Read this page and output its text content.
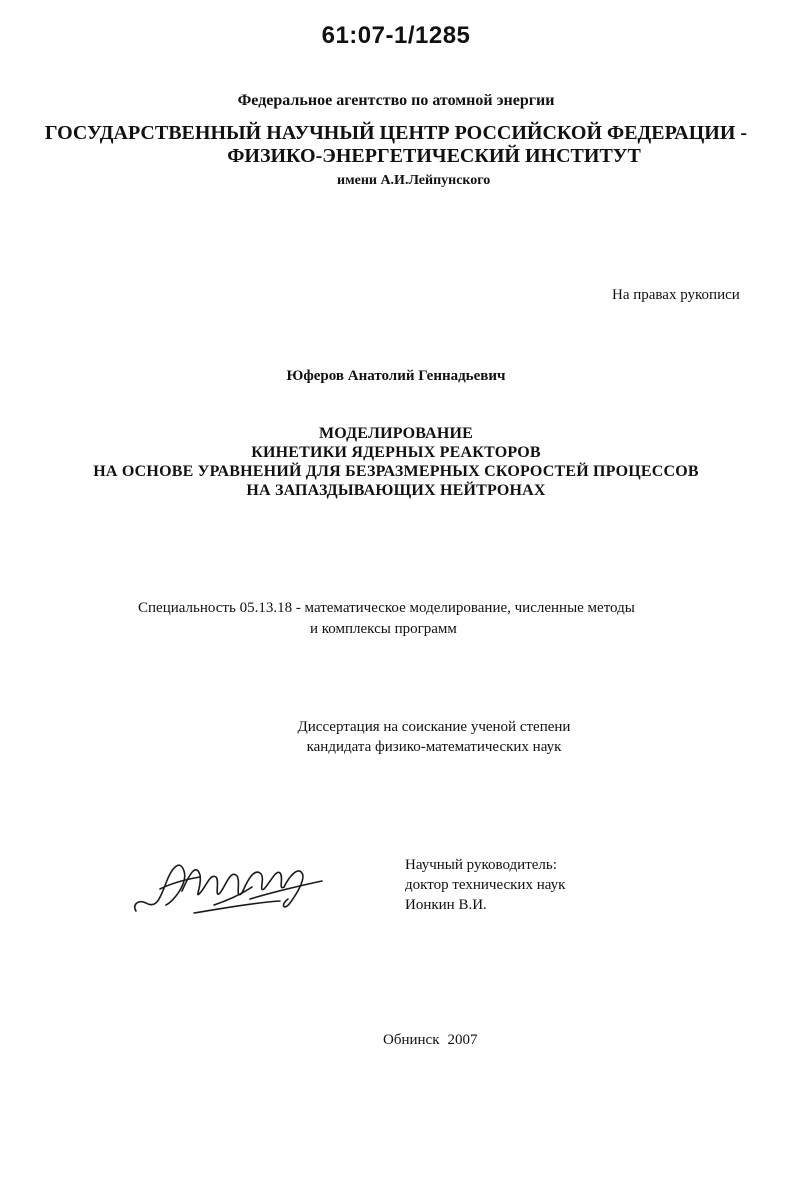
61:07-1/1285
Федеральное агентство по атомной энергии
ГОСУДАРСТВЕННЫЙ НАУЧНЫЙ ЦЕНТР РОССИЙСКОЙ ФЕДЕРАЦИИ -
ФИЗИКО-ЭНЕРГЕТИЧЕСКИЙ ИНСТИТУТ
имени А.И.Лейпунского
На правах рукописи
Юферов Анатолий Геннадьевич
МОДЕЛИРОВАНИЕ
КИНЕТИКИ ЯДЕРНЫХ РЕАКТОРОВ
НА ОСНОВЕ УРАВНЕНИЙ ДЛЯ БЕЗРАЗМЕРНЫХ СКОРОСТЕЙ ПРОЦЕССОВ
НА ЗАПАЗДЫВАЮЩИХ НЕЙТРОНАХ
Специальность 05.13.18 - математическое моделирование, численные методы
и комплексы программ
Диссертация на соискание ученой степени
кандидата физико-математических наук
Научный руководитель:
доктор технических наук
Ионкин В.И.
Обнинск 2007
